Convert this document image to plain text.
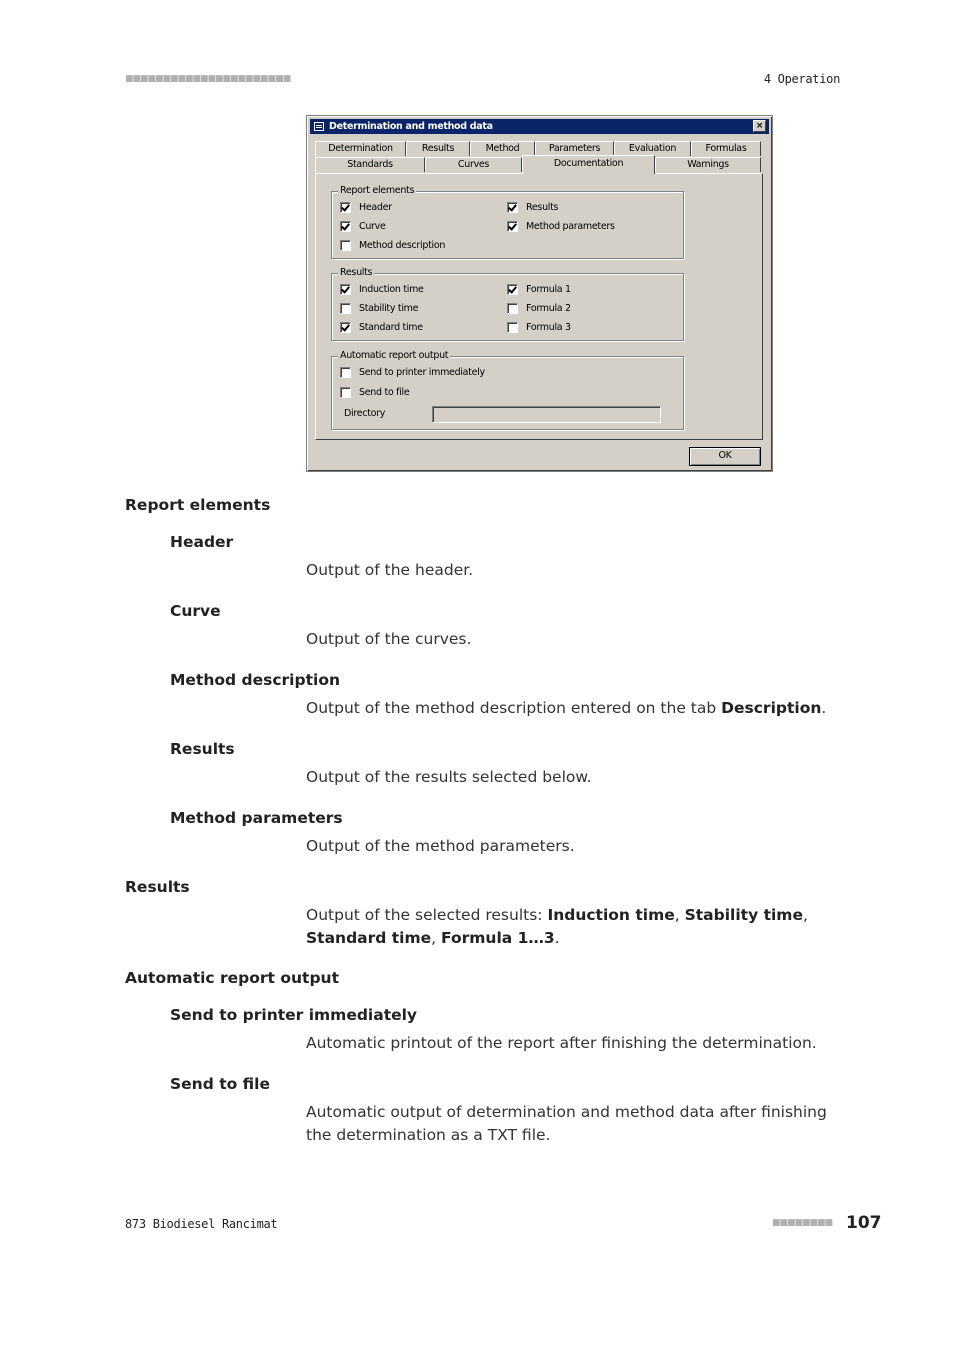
■■■■■■■■■■■■■■■■■■■■■■	4 Operation
Determination and method data	×
Determination	Results	Method	Parameters	Evaluation	Formulas
Standards	Curves	Documentation	Warnings
Report elements
Header
Curve
Method description
Results
Method parameters
Results
Induction time
Stability time
Standard time
Formula 1
Formula 2
Formula 3
Automatic report output
Send to printer immediately
Send to file
Directory
OK
Report elements
Header
Output of the header.
Curve
Output of the curves.
Method description
Output of the method description entered on the tab Description.
Results
Output of the results selected below.
Method parameters
Output of the method parameters.
Results
Output of the selected results: Induction time, Stability time, Standard time, Formula 1…3.
Automatic report output
Send to printer immediately
Automatic printout of the report after finishing the determination.
Send to file
Automatic output of determination and method data after finishing the determination as a TXT file.
873 Biodiesel Rancimat	■■■■■■■■ 107
